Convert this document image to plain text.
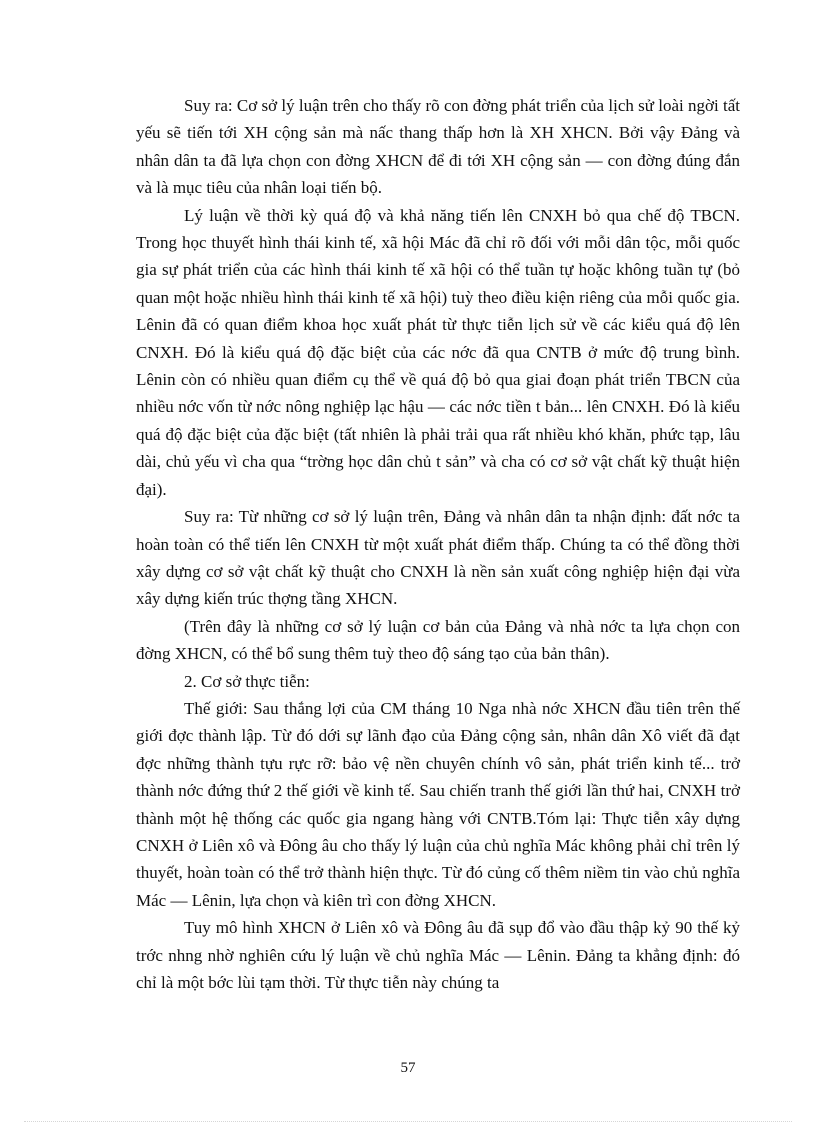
Suy ra: Cơ sở lý luận trên cho thấy rõ con đờng phát triển của lịch sử loài ngời tất yếu sẽ tiến tới XH cộng sản mà nấc thang thấp hơn là XH XHCN. Bởi vậy Đảng và nhân dân ta đã lựa chọn con đờng XHCN để đi tới XH cộng sản — con đờng đúng đắn và là mục tiêu của nhân loại tiến bộ.

Lý luận về thời kỳ quá độ và khả năng tiến lên CNXH bỏ qua chế độ TBCN. Trong học thuyết hình thái kinh tế, xã hội Mác đã chỉ rõ đối với mỗi dân tộc, mỗi quốc gia sự phát triển của các hình thái kinh tế xã hội có thể tuần tự hoặc không tuần tự (bỏ quan một hoặc nhiều hình thái kinh tế xã hội) tuỳ theo điều kiện riêng của mỗi quốc gia. Lênin đã có quan điểm khoa học xuất phát từ thực tiễn lịch sử về các kiểu quá độ lên CNXH. Đó là kiểu quá độ đặc biệt của các nớc đã qua CNTB ở mức độ trung bình. Lênin còn có nhiều quan điểm cụ thể về quá độ bỏ qua giai đoạn phát triển TBCN của nhiều nớc vốn từ nớc nông nghiệp lạc hậu — các nớc tiền t bản... lên CNXH. Đó là kiểu quá độ đặc biệt của đặc biệt (tất nhiên là phải trải qua rất nhiều khó khăn, phức tạp, lâu dài, chủ yếu vì cha qua “trờng học dân chủ t sản” và cha có cơ sở vật chất kỹ thuật hiện đại).

Suy ra: Từ những cơ sở lý luận trên, Đảng và nhân dân ta nhận định: đất nớc ta hoàn toàn có thể tiến lên CNXH từ một xuất phát điểm thấp. Chúng ta có thể đồng thời xây dựng cơ sở vật chất kỹ thuật cho CNXH là nền sản xuất công nghiệp hiện đại vừa xây dựng kiến trúc thợng tầng XHCN.

(Trên đây là những cơ sở lý luận cơ bản của Đảng và nhà nớc ta lựa chọn con đờng XHCN, có thể bổ sung thêm tuỳ theo độ sáng tạo của bản thân).

2. Cơ sở thực tiễn:

Thế giới: Sau thắng lợi của CM tháng 10 Nga nhà nớc XHCN đầu tiên trên thế giới đợc thành lập. Từ đó dới sự lãnh đạo của Đảng cộng sản, nhân dân Xô viết đã đạt đợc những thành tựu rực rỡ: bảo vệ nền chuyên chính vô sản, phát triển kinh tế... trở thành nớc đứng thứ 2 thế giới về kinh tế. Sau chiến tranh thế giới lần thứ hai, CNXH trở thành một hệ thống các quốc gia ngang hàng với CNTB.Tóm lại: Thực tiễn xây dựng CNXH ở Liên xô và Đông âu cho thấy lý luận của chủ nghĩa Mác không phải chỉ trên lý thuyết, hoàn toàn có thể trở thành hiện thực. Từ đó củng cố thêm niềm tin vào chủ nghĩa Mác — Lênin, lựa chọn và kiên trì con đờng XHCN.

Tuy mô hình XHCN ở Liên xô và Đông âu đã sụp đổ vào đầu thập kỷ 90 thế kỷ trớc nhng nhờ nghiên cứu lý luận về chủ nghĩa Mác — Lênin. Đảng ta khẳng định: đó chỉ là một bớc lùi tạm thời. Từ thực tiễn này chúng ta

57
